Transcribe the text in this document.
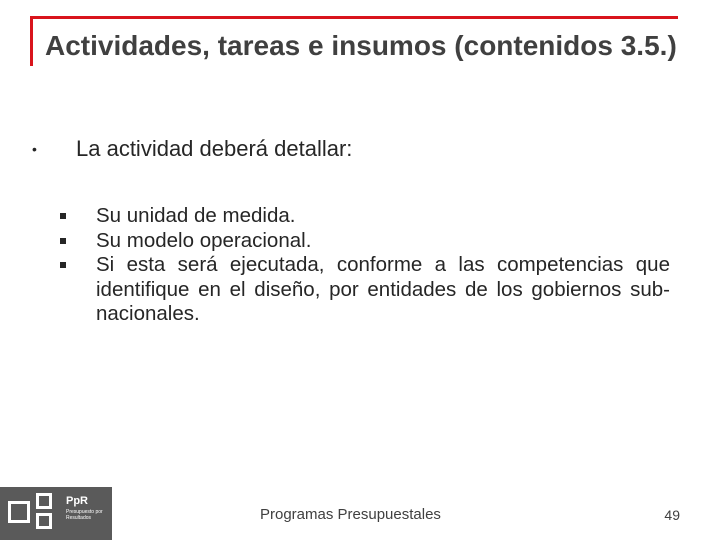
Actividades, tareas e insumos (contenidos 3.5.)
•	La actividad deberá detallar:
Su unidad de medida.
Su modelo operacional.
Si esta será ejecutada, conforme a las competencias que identifique en el diseño, por entidades de los gobiernos sub-nacionales.
PpR
Presupuesto por Resultados	Programas Presupuestales	49
